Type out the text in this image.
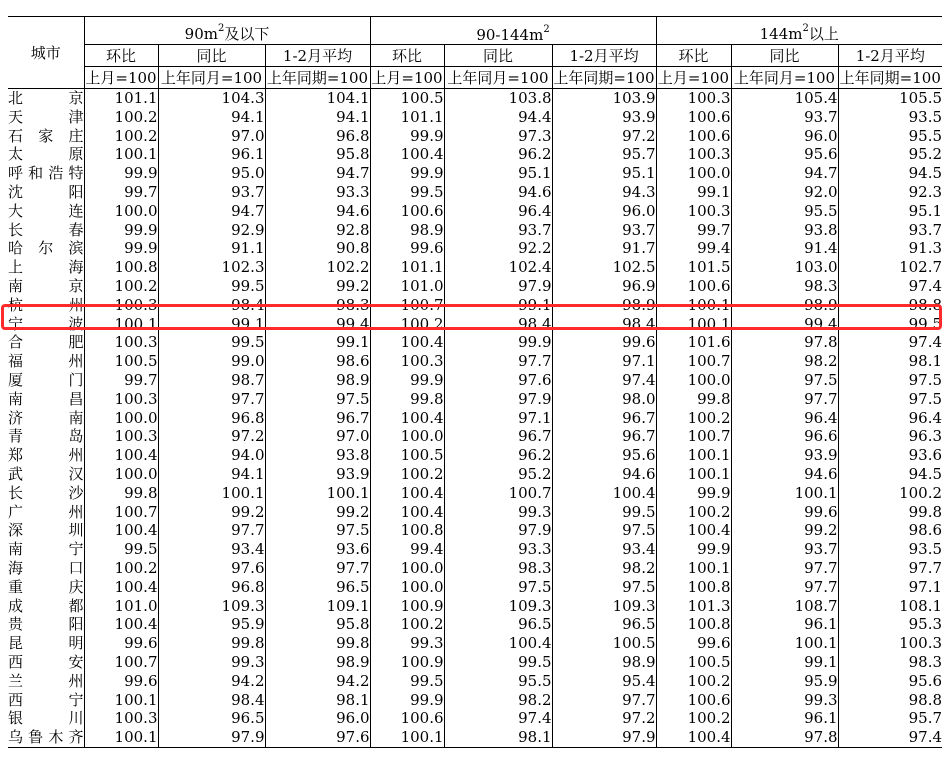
城市	$90m^2$及以下			$90-144m^2$			$144m^2$以上		
	环比	同比	1-2月平均	环比	同比	1-2月平均	环比	同比	1-2月平均
	上月=100	上年同月=100	上年同期=100	上月=100	上年同月=100	上年同期=100	上月=100	上年同月=100	上年同期=100
北京	101.1	104.3	104.1	100.5	103.8	103.9	100.3	105.4	105.5
天津	100.2	94.1	94.1	101.1	94.4	93.9	100.6	93.7	93.5
石家庄	100.2	97.0	96.8	99.9	97.3	97.2	100.6	96.0	95.5
太原	100.1	96.1	95.8	100.4	96.2	95.7	100.3	95.6	95.2
呼和浩特	99.9	95.0	94.7	99.9	95.1	95.1	100.0	94.7	94.5
沈阳	99.7	93.7	93.3	99.5	94.6	94.3	99.1	92.0	92.3
大连	100.0	94.7	94.6	100.6	96.4	96.0	100.3	95.5	95.1
长春	99.9	92.9	92.8	98.9	93.7	93.7	99.7	93.8	93.7
哈尔滨	99.9	91.1	90.8	99.6	92.2	91.7	99.4	91.4	91.3
上海	100.8	102.3	102.2	101.1	102.4	102.5	101.5	103.0	102.7
南京	100.2	99.5	99.2	101.0	97.9	96.9	100.6	98.3	97.4
杭州	100.3	98.4	98.3	100.7	99.1	98.9	100.1	98.9	98.8
宁波	100.1	99.1	99.4	100.2	98.4	98.4	100.1	99.4	99.5
合肥	100.3	99.5	99.1	100.4	99.9	99.6	101.6	97.8	97.4
福州	100.5	99.0	98.6	100.3	97.7	97.1	100.7	98.2	98.1
厦门	99.7	98.7	98.9	99.9	97.6	97.4	100.0	97.5	97.5
南昌	100.3	97.7	97.5	99.8	97.9	98.0	99.8	97.7	97.5
济南	100.0	96.8	96.7	100.4	97.1	96.7	100.2	96.4	96.4
青岛	100.3	97.2	97.0	100.0	96.7	96.7	100.7	96.6	96.3
郑州	100.4	94.0	93.8	100.5	96.2	95.6	100.1	93.9	93.6
武汉	100.0	94.1	93.9	100.2	95.2	94.6	100.1	94.6	94.5
长沙	99.8	100.1	100.1	100.4	100.7	100.4	99.9	100.1	100.2
广州	100.7	99.2	99.2	100.4	99.3	99.5	100.2	99.6	99.8
深圳	100.4	97.7	97.5	100.8	97.9	97.5	100.4	99.2	98.6
南宁	99.5	93.4	93.6	99.4	93.3	93.4	99.9	93.7	93.5
海口	100.2	97.6	97.7	100.0	98.3	98.2	100.1	97.7	97.7
重庆	100.4	96.8	96.5	100.0	97.5	97.5	100.8	97.7	97.1
成都	101.0	109.3	109.1	100.9	109.3	109.3	101.3	108.7	108.1
贵阳	100.4	95.9	95.8	100.2	96.5	96.5	100.8	96.1	95.3
昆明	99.6	99.8	99.8	99.3	100.4	100.5	99.6	100.1	100.3
西安	100.7	99.3	98.9	100.9	99.5	98.9	100.5	99.1	98.3
兰州	99.6	94.2	94.2	99.5	95.5	95.4	100.2	95.9	95.6
西宁	100.1	98.4	98.1	99.9	98.2	97.7	100.6	99.3	98.8
银川	100.3	96.5	96.0	100.6	97.4	97.2	100.2	96.1	95.7
乌鲁木齐	100.1	97.9	97.6	100.1	98.1	97.9	100.4	97.8	97.4
